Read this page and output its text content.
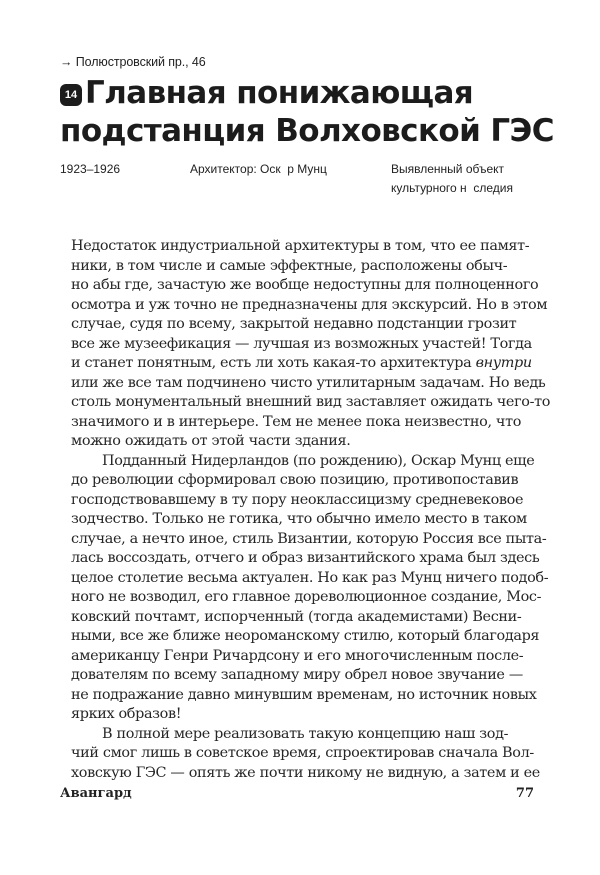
→ Полюстровский пр., 46
14 Главная понижающая
подстанция Волховской ГЭС
1923–1926	Архитектор: Оск  р Мунц	Выявленный объект
культурного н  следия
Недостаток индустриальной архитектуры в том, что ее памят-
ники, в том числе и самые эффектные, расположены обыч-
но абы где, зачастую же вообще недоступны для полноценного
осмотра и уж точно не предназначены для экскурсий. Но в этом
случае, судя по всему, закрытой недавно подстанции грозит
все же музеефикация — лучшая из возможных участей! Тогда
и станет понятным, есть ли хоть какая-то архитектура внутри
или же все там подчинено чисто утилитарным задачам. Но ведь
столь монументальный внешний вид заставляет ожидать чего-то
значимого и в интерьере. Тем не менее пока неизвестно, что
можно ожидать от этой части здания.
Подданный Нидерландов (по рождению), Оскар Мунц еще
до революции сформировал свою позицию, противопоставив
господствовавшему в ту пору неоклассицизму средневековое
зодчество. Только не готика, что обычно имело место в таком
случае, а нечто иное, стиль Византии, которую Россия все пыта-
лась воссоздать, отчего и образ византийского храма был здесь
целое столетие весьма актуален. Но как раз Мунц ничего подоб-
ного не возводил, его главное дореволюционное создание, Мос-
ковский почтамт, испорченный (тогда академистами) Весни-
ными, все же ближе неороманскому стилю, который благодаря
американцу Генри Ричардсону и его многочисленным после-
дователям по всему западному миру обрел новое звучание —
не подражание давно минувшим временам, но источник новых
ярких образов!
В полной мере реализовать такую концепцию наш зод-
чий смог лишь в советское время, спроектировав сначала Вол-
ховскую ГЭС — опять же почти никому не видную, а затем и ее
Авангард	77
